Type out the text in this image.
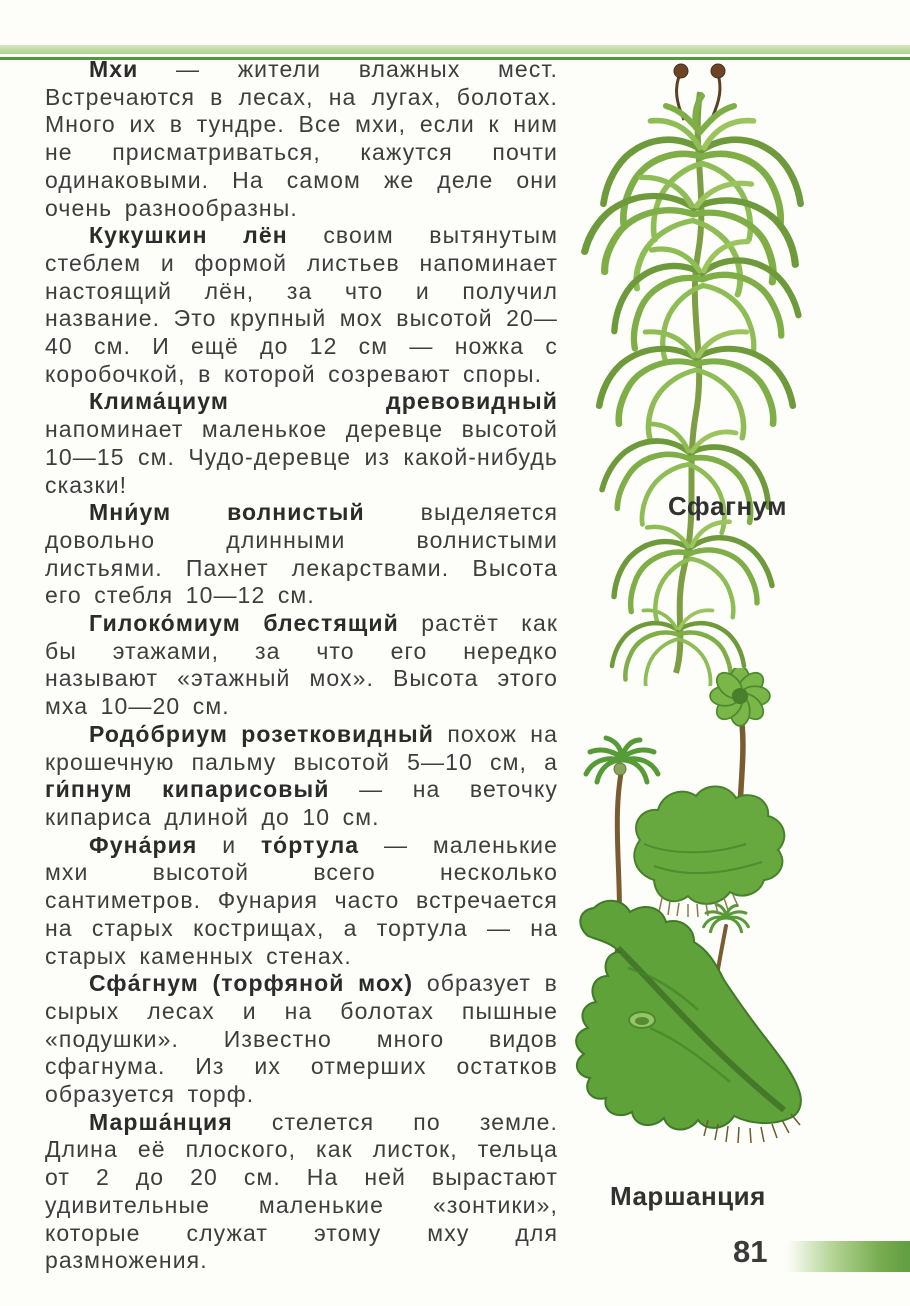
Мхи — жители влажных мест. Встречаются в лесах, на лугах, болотах. Много их в тундре. Все мхи, если к ним не присматриваться, кажутся почти одинаковыми. На самом же деле они очень разнообразны.

Кукушкин лён своим вытянутым стеблем и формой листьев напоминает настоящий лён, за что и получил название. Это крупный мох высотой 20—40 см. И ещё до 12 см — ножка с коробочкой, в которой созревают споры.

Клима́циум древовидный напоминает маленькое деревце высотой 10—15 см. Чудо-деревце из какой-нибудь сказки!

Мни́ум волнистый выделяется довольно длинными волнистыми листьями. Пахнет лекарствами. Высота его стебля 10—12 см.

Гилоко́миум блестящий растёт как бы этажами, за что его нередко называют «этажный мох». Высота этого мха 10—20 см.

Родо́бриум розетковидный похож на крошечную пальму высотой 5—10 см, а ги́пнум кипарисовый — на веточку кипариса длиной до 10 см.

Фуна́рия и то́ртула — маленькие мхи высотой всего несколько сантиметров. Фунария часто встречается на старых кострищах, а тортула — на старых каменных стенах.

Сфа́гнум (торфяной мох) образует в сырых лесах и на болотах пышные «подушки». Известно много видов сфагнума. Из их отмерших остатков образуется торф.

Марша́нция стелется по земле. Длина её плоского, как листок, тельца от 2 до 20 см. На ней вырастают удивительные маленькие «зонтики», которые служат этому мху для размножения.

Сфагнум
Маршанция
81
